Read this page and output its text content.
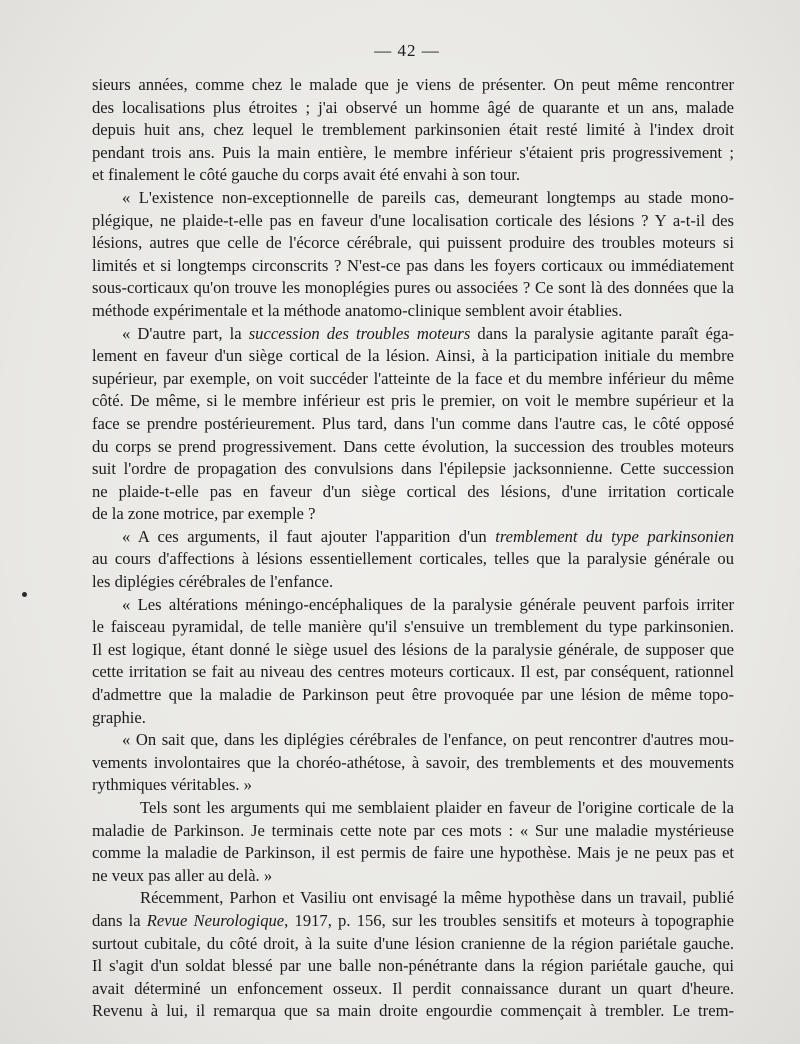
— 42 —

sieurs années, comme chez le malade que je viens de présenter. On peut même rencontrer
des localisations plus étroites ; j'ai observé un homme âgé de quarante et un ans, malade
depuis huit ans, chez lequel le tremblement parkinsonien était resté limité à l'index droit
pendant trois ans. Puis la main entière, le membre inférieur s'étaient pris progressivement ;
et finalement le côté gauche du corps avait été envahi à son tour.

« L'existence non-exceptionnelle de pareils cas, demeurant longtemps au stade mono-
plégique, ne plaide-t-elle pas en faveur d'une localisation corticale des lésions ? Y a-t-il des
lésions, autres que celle de l'écorce cérébrale, qui puissent produire des troubles moteurs si
limités et si longtemps circonscrits ? N'est-ce pas dans les foyers corticaux ou immédiatement
sous-corticaux qu'on trouve les monoplégies pures ou associées ? Ce sont là des données que la
méthode expérimentale et la méthode anatomo-clinique semblent avoir établies.

« D'autre part, la succession des troubles moteurs dans la paralysie agitante paraît éga-
lement en faveur d'un siège cortical de la lésion. Ainsi, à la participation initiale du membre
supérieur, par exemple, on voit succéder l'atteinte de la face et du membre inférieur du même
côté. De même, si le membre inférieur est pris le premier, on voit le membre supérieur et la
face se prendre postérieurement. Plus tard, dans l'un comme dans l'autre cas, le côté opposé
du corps se prend progressivement. Dans cette évolution, la succession des troubles moteurs
suit l'ordre de propagation des convulsions dans l'épilepsie jacksonnienne. Cette succession
ne plaide-t-elle pas en faveur d'un siège cortical des lésions, d'une irritation corticale
de la zone motrice, par exemple ?

« A ces arguments, il faut ajouter l'apparition d'un tremblement du type parkinsonien
au cours d'affections à lésions essentiellement corticales, telles que la paralysie générale ou
les diplégies cérébrales de l'enfance.

« Les altérations méningo-encéphaliques de la paralysie générale peuvent parfois irriter
le faisceau pyramidal, de telle manière qu'il s'ensuive un tremblement du type parkinsonien.
Il est logique, étant donné le siège usuel des lésions de la paralysie générale, de supposer que
cette irritation se fait au niveau des centres moteurs corticaux. Il est, par conséquent, rationnel
d'admettre que la maladie de Parkinson peut être provoquée par une lésion de même topo-
graphie.

« On sait que, dans les diplégies cérébrales de l'enfance, on peut rencontrer d'autres mou-
vements involontaires que la choréo-athétose, à savoir, des tremblements et des mouvements
rythmiques véritables. »

Tels sont les arguments qui me semblaient plaider en faveur de l'origine corticale de la
maladie de Parkinson. Je terminais cette note par ces mots : « Sur une maladie mystérieuse
comme la maladie de Parkinson, il est permis de faire une hypothèse. Mais je ne peux pas et
ne veux pas aller au delà. »

Récemment, Parhon et Vasiliu ont envisagé la même hypothèse dans un travail, publié
dans la Revue Neurologique, 1917, p. 156, sur les troubles sensitifs et moteurs à topographie
surtout cubitale, du côté droit, à la suite d'une lésion cranienne de la région pariétale gauche.
Il s'agit d'un soldat blessé par une balle non-pénétrante dans la région pariétale gauche, qui
avait déterminé un enfoncement osseux. Il perdit connaissance durant un quart d'heure.
Revenu à lui, il remarqua que sa main droite engourdie commençait à trembler. Le trem-
